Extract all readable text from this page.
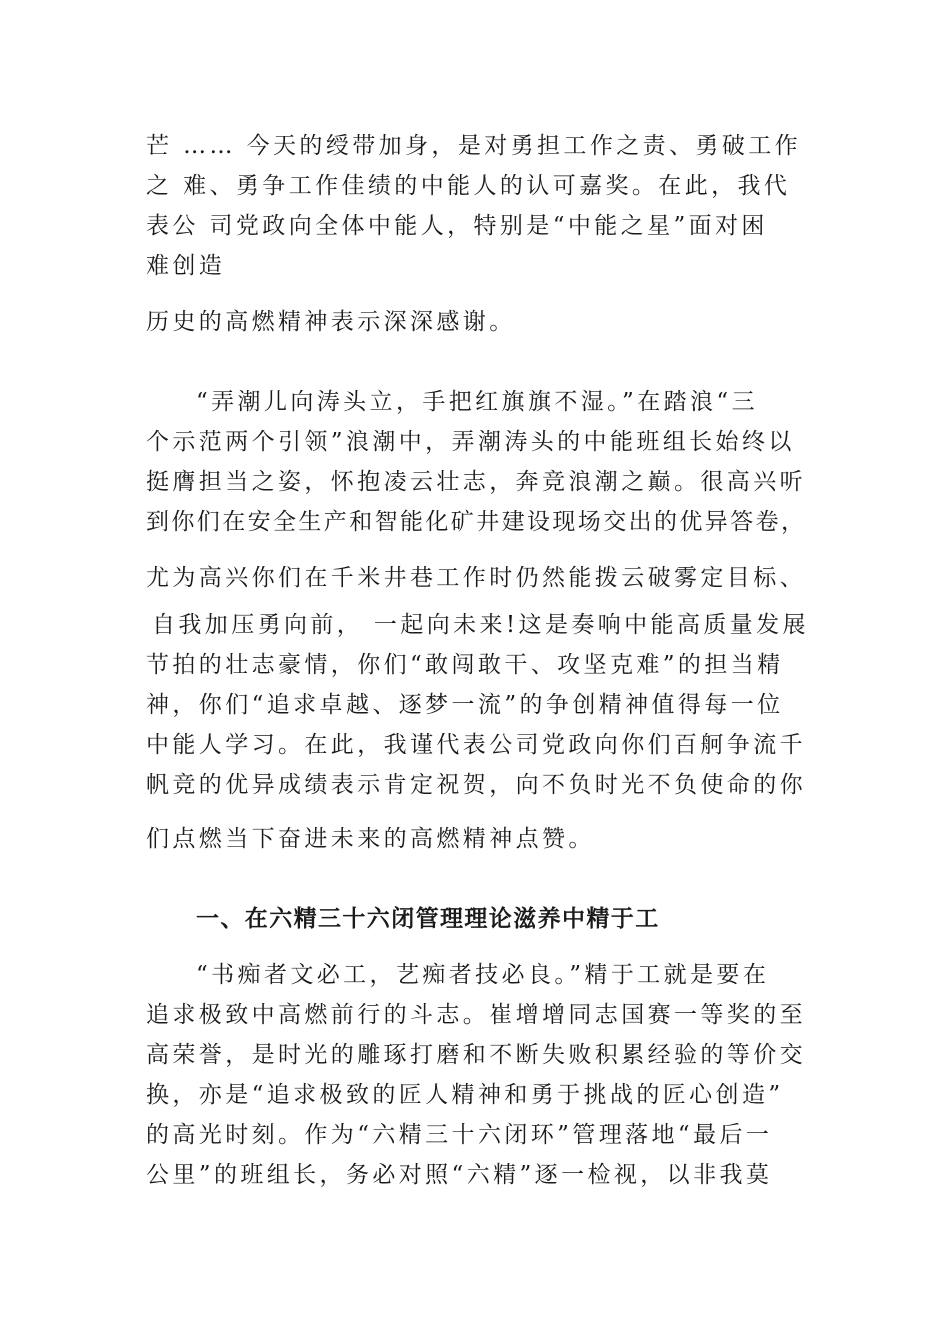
芒 …… 今天的绶带加身，是对勇担工作之责、勇破工作

之 难、勇争工作佳绩的中能人的认可嘉奖。在此，我代

表公 司党政向全体中能人，特别是“中能之星”面对困

难创造

历史的高燃精神表示深深感谢。

“弄潮儿向涛头立，手把红旗旗不湿。”在踏浪“三

个示范两个引领”浪潮中，弄潮涛头的中能班组长始终以

挺膺担当之姿，怀抱凌云壮志，奔竞浪潮之巅。很高兴听

到你们在安全生产和智能化矿井建设现场交出的优异答卷，

尤为高兴你们在千米井巷工作时仍然能拨云破雾定目标、

自我加压勇向前， 一起向未来!这是奏响中能高质量发展

节拍的壮志豪情，你们“敢闯敢干、攻坚克难”的担当精

神，你们“追求卓越、逐梦一流”的争创精神值得每一位

中能人学习。在此，我谨代表公司党政向你们百舸争流千

帆竞的优异成绩表示肯定祝贺，向不负时光不负使命的你

们点燃当下奋进未来的高燃精神点赞。

一、在六精三十六闭管理理论滋养中精于工

“书痴者文必工，艺痴者技必良。”精于工就是要在

追求极致中高燃前行的斗志。崔增增同志国赛一等奖的至

高荣誉，是时光的雕琢打磨和不断失败积累经验的等价交

换，亦是“追求极致的匠人精神和勇于挑战的匠心创造”

的高光时刻。作为“六精三十六闭环”管理落地“最后一

公里”的班组长，务必对照“六精”逐一检视，以非我莫
